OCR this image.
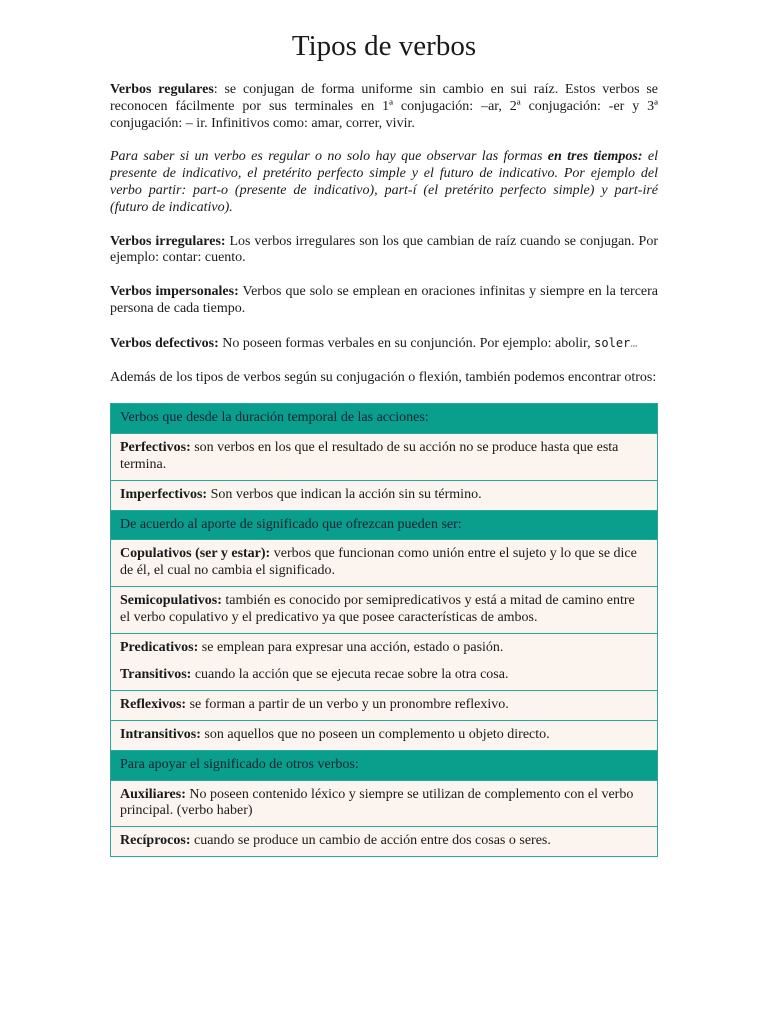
Tipos de verbos

Verbos regulares: se conjugan de forma uniforme sin cambio en sui raíz. Estos verbos se reconocen fácilmente por sus terminales en 1ª conjugación: –ar, 2ª conjugación: -er y 3ª conjugación: – ir. Infinitivos como: amar, correr, vivir.

Para saber si un verbo es regular o no solo hay que observar las formas en tres tiempos: el presente de indicativo, el pretérito perfecto simple y el futuro de indicativo. Por ejemplo del verbo partir: part-o (presente de indicativo), part-í (el pretérito perfecto simple) y part-iré (futuro de indicativo).

Verbos irregulares: Los verbos irregulares son los que cambian de raíz cuando se conjugan. Por ejemplo: contar: cuento.

Verbos impersonales: Verbos que solo se emplean en oraciones infinitas y siempre en la tercera persona de cada tiempo.

Verbos defectivos: No poseen formas verbales en su conjunción. Por ejemplo: abolir, soler…

Además de los tipos de verbos según su conjugación o flexión, también podemos encontrar otros:

Verbos que desde la duración temporal de las acciones:
Perfectivos: son verbos en los que el resultado de su acción no se produce hasta que esta termina.
Imperfectivos: Son verbos que indican la acción sin su término.
De acuerdo al aporte de significado que ofrezcan pueden ser:
Copulativos (ser y estar): verbos que funcionan como unión entre el sujeto y lo que se dice de él, el cual no cambia el significado.
Semicopulativos: también es conocido por semipredicativos y está a mitad de camino entre el verbo copulativo y el predicativo ya que posee características de ambos.
Predicativos: se emplean para expresar una acción, estado o pasión.
Transitivos: cuando la acción que se ejecuta recae sobre la otra cosa.
Reflexivos: se forman a partir de un verbo y un pronombre reflexivo.
Intransitivos: son aquellos que no poseen un complemento u objeto directo.
Para apoyar el significado de otros verbos:
Auxiliares: No poseen contenido léxico y siempre se utilizan de complemento con el verbo principal. (verbo haber)
Recíprocos: cuando se produce un cambio de acción entre dos cosas o seres.
